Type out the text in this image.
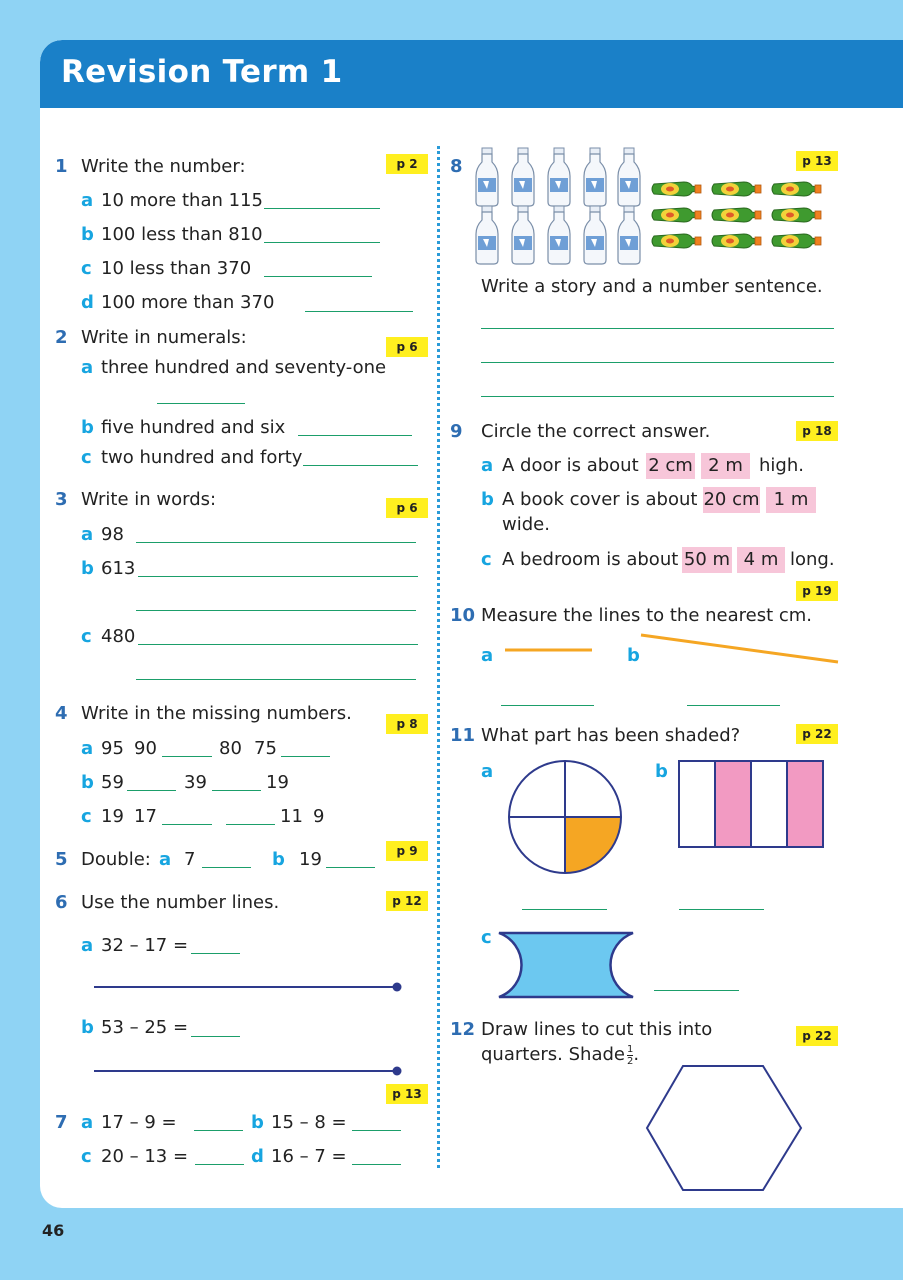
Revision Term 1
1 Write the number:	p 2
a 10 more than 115
b 100 less than 810
c 10 less than 370
d 100 more than 370
2 Write in numerals:	p 6
a three hundred and seventy-one
b five hundred and six
c two hundred and forty
3 Write in words:	p 6
a 98
b 613
c 480
4 Write in the missing numbers.	p 8
a 95 90	80 75
b 59	39	19
c 19 17	11 9
5 Double:	p 9
a 7	b 19
6 Use the number lines.	p 12
a 32 – 17 =
b 53 – 25 =
p 13
7 a 17 – 9 =	b 15 – 8 =
c 20 – 13 =	d 16 – 7 =
8	p 13
Write a story and a number sentence.
9 Circle the correct answer.	p 18
a A door is about 2 cm 2 m high.
b A book cover is about 20 cm 1 m
wide.
c A bedroom is about 50 m 4 m long.
p 19
10 Measure the lines to the nearest cm.
a	b
11 What part has been shaded?	p 22
a	b
c
12 Draw lines to cut this into
quarters. Shade $\frac{1}{2}$ .
p 22
46
